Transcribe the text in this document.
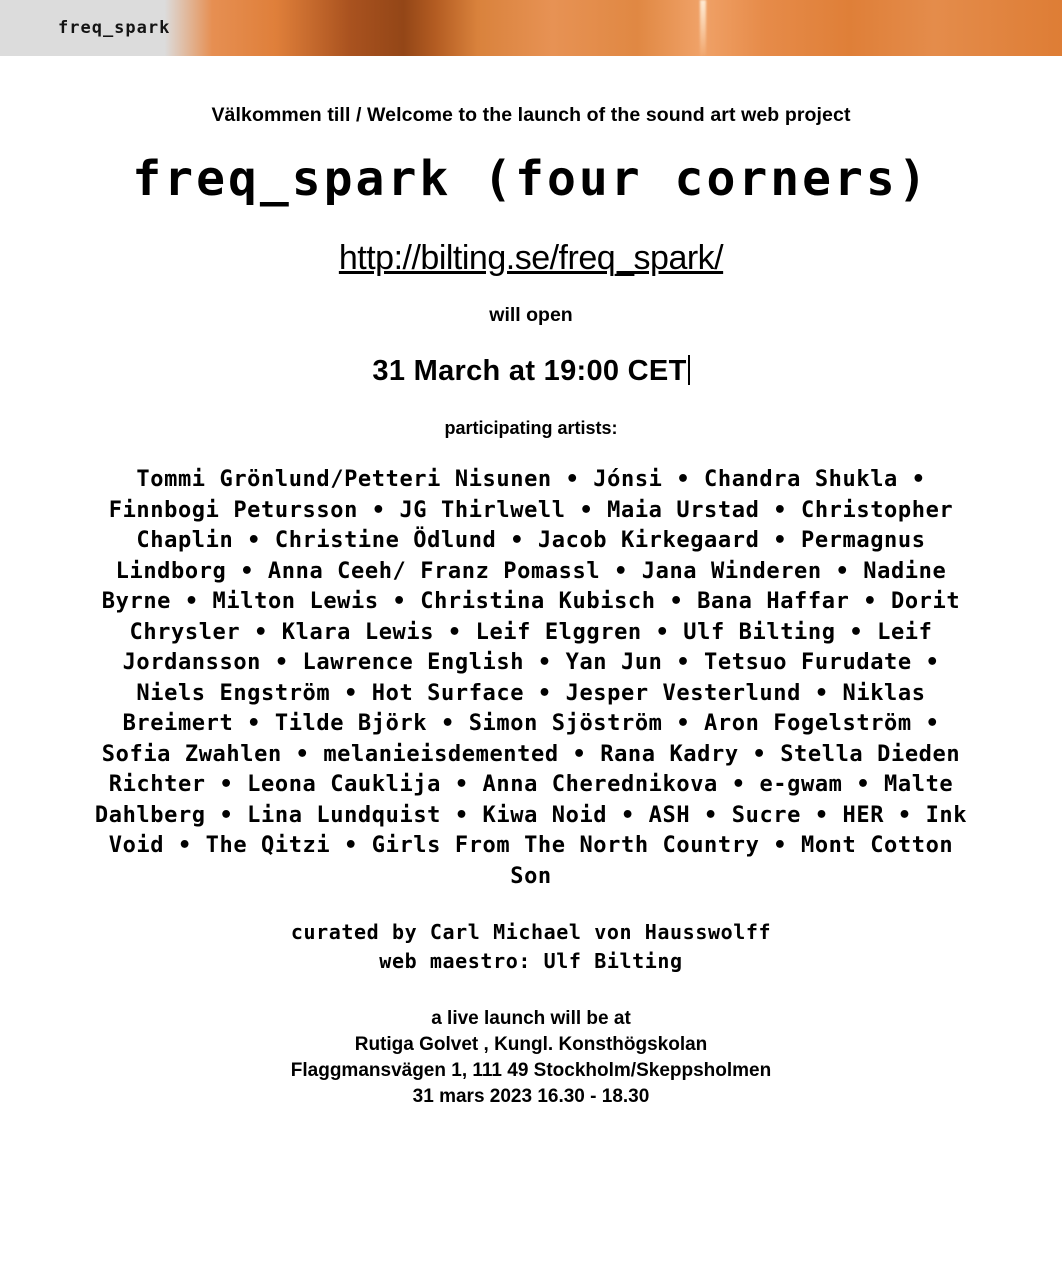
freq_spark
Välkommen till / Welcome to the launch of the sound art web project
freq_spark (four corners)
http://bilting.se/freq_spark/
will open
31 March at 19:00 CET
participating artists:
Tommi Grönlund/Petteri Nisunen • Jónsi • Chandra Shukla • Finnbogi Petursson • JG Thirlwell • Maia Urstad • Christopher Chaplin • Christine Ödlund • Jacob Kirkegaard • Permagnus Lindborg • Anna Ceeh/ Franz Pomassl • Jana Winderen • Nadine Byrne • Milton Lewis • Christina Kubisch • Bana Haffar • Dorit Chrysler • Klara Lewis • Leif Elggren • Ulf Bilting • Leif Jordansson • Lawrence English • Yan Jun • Tetsuo Furudate • Niels Engström • Hot Surface • Jesper Vesterlund • Niklas Breimert • Tilde Björk • Simon Sjöström • Aron Fogelström • Sofia Zwahlen • melanieisdemented • Rana Kadry • Stella Dieden Richter • Leona Cauklija • Anna Cherednikova • e-gwam • Malte Dahlberg • Lina Lundquist • Kiwa Noid • ASH • Sucre • HER • Ink Void • The Qitzi • Girls From The North Country • Mont Cotton Son
curated by Carl Michael von Hausswolff
web maestro: Ulf Bilting
a live launch will be at
Rutiga Golvet , Kungl. Konsthögskolan
Flaggmansvägen 1, 111 49 Stockholm/Skeppsholmen
31 mars 2023 16.30 - 18.30
